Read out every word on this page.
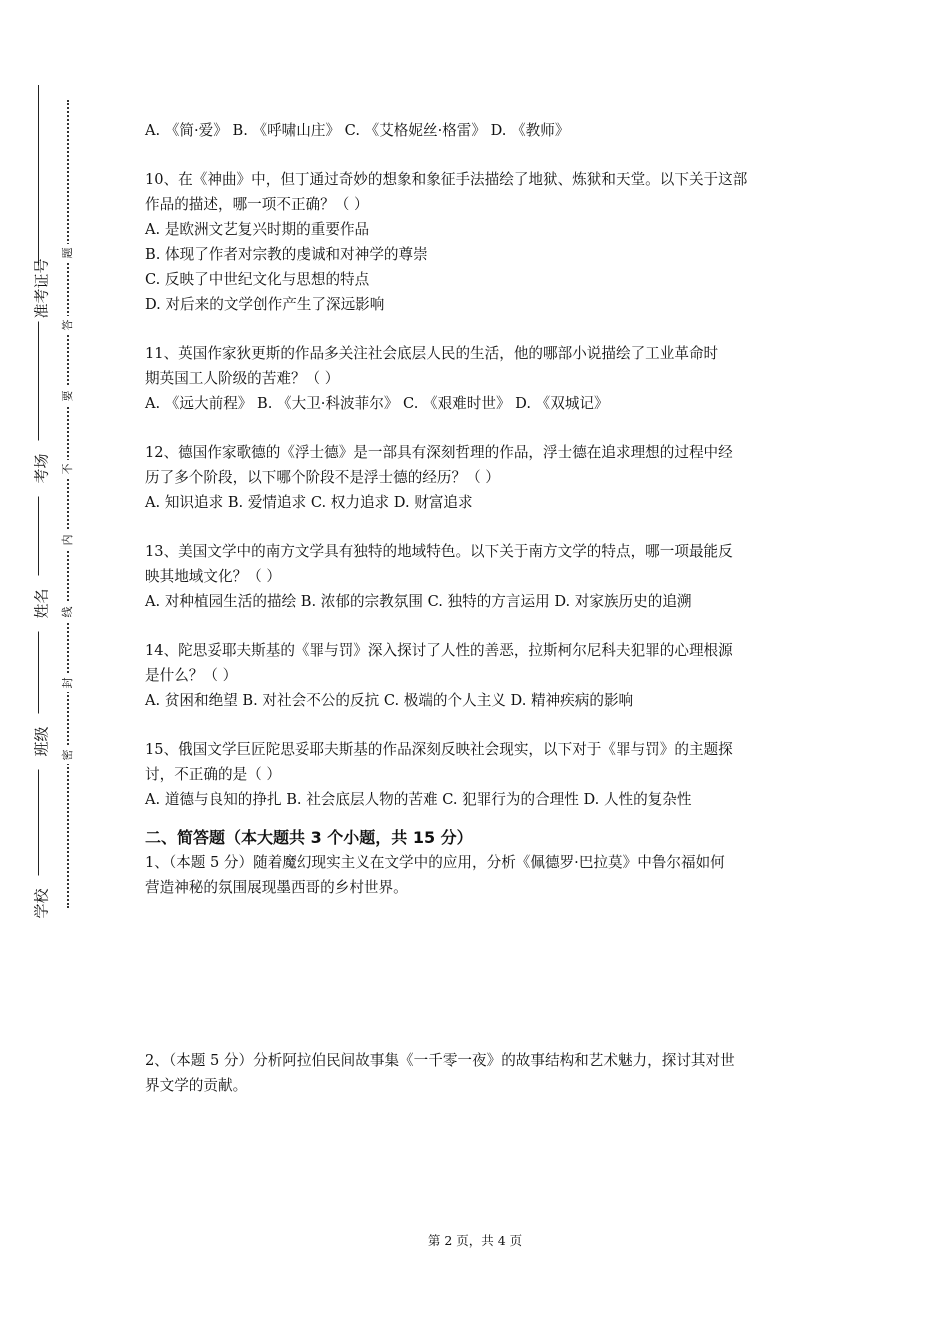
准考证号
考场
姓名
班级
学校
题
答
要
不
内
线
封
密
A. 《简·爱》 B. 《呼啸山庄》 C. 《艾格妮丝·格雷》 D. 《教师》
10、在《神曲》中，但丁通过奇妙的想象和象征手法描绘了地狱、炼狱和天堂。以下关于这部
作品的描述，哪一项不正确？（ ）
A. 是欧洲文艺复兴时期的重要作品
B. 体现了作者对宗教的虔诚和对神学的尊崇
C. 反映了中世纪文化与思想的特点
D. 对后来的文学创作产生了深远影响
11、英国作家狄更斯的作品多关注社会底层人民的生活，他的哪部小说描绘了工业革命时
期英国工人阶级的苦难？（ ）
A. 《远大前程》 B. 《大卫·科波菲尔》 C. 《艰难时世》 D. 《双城记》
12、德国作家歌德的《浮士德》是一部具有深刻哲理的作品，浮士德在追求理想的过程中经
历了多个阶段，以下哪个阶段不是浮士德的经历？（ ）
A. 知识追求 B. 爱情追求 C. 权力追求 D. 财富追求
13、美国文学中的南方文学具有独特的地域特色。以下关于南方文学的特点，哪一项最能反
映其地域文化？（ ）
A. 对种植园生活的描绘 B. 浓郁的宗教氛围 C. 独特的方言运用 D. 对家族历史的追溯
14、陀思妥耶夫斯基的《罪与罚》深入探讨了人性的善恶，拉斯柯尔尼科夫犯罪的心理根源
是什么？（ ）
A. 贫困和绝望 B. 对社会不公的反抗 C. 极端的个人主义 D. 精神疾病的影响
15、俄国文学巨匠陀思妥耶夫斯基的作品深刻反映社会现实，以下对于《罪与罚》的主题探
讨，不正确的是（ ）
A. 道德与良知的挣扎 B. 社会底层人物的苦难 C. 犯罪行为的合理性 D. 人性的复杂性
二、简答题（本大题共 3 个小题，共 15 分）
1、（本题 5 分）随着魔幻现实主义在文学中的应用，分析《佩德罗·巴拉莫》中鲁尔福如何
营造神秘的氛围展现墨西哥的乡村世界。
2、（本题 5 分）分析阿拉伯民间故事集《一千零一夜》的故事结构和艺术魅力，探讨其对世
界文学的贡献。
第 2 页，共 4 页
